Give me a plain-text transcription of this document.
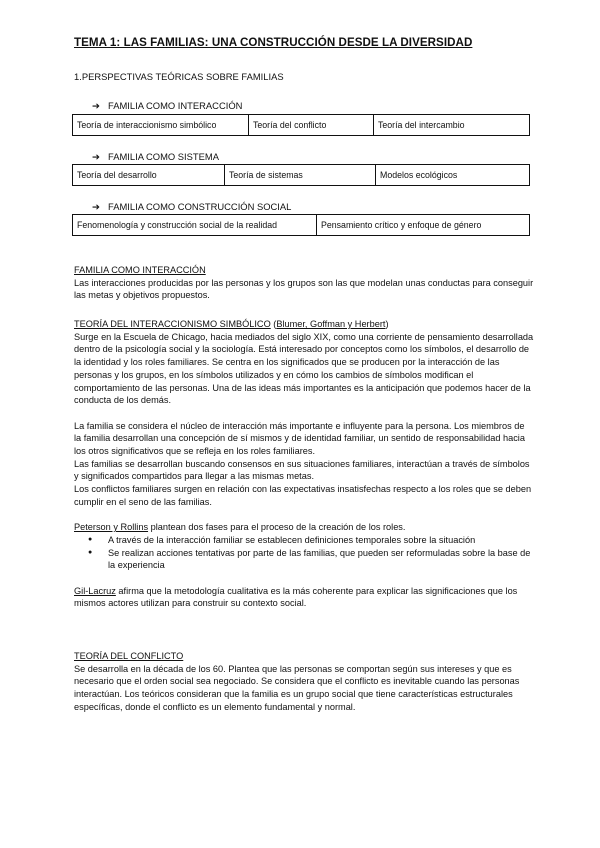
TEMA 1: LAS FAMILIAS: UNA CONSTRUCCIÓN DESDE LA DIVERSIDAD
1.PERSPECTIVAS TEÓRICAS SOBRE FAMILIAS
➔ FAMILIA COMO INTERACCIÓN
Teoría de interaccionismo simbólico	Teoría del conflicto	Teoría del intercambio
➔ FAMILIA COMO SISTEMA
Teoría del desarrollo	Teoría de sistemas	Modelos ecológicos
➔ FAMILIA COMO CONSTRUCCIÓN SOCIAL
Fenomenología y construcción social de la realidad	Pensamiento crítico y enfoque de género

FAMILIA COMO INTERACCIÓN

Las interacciones producidas por las personas y los grupos son las que modelan unas conductas para conseguir las metas y objetivos propuestos.

TEORÍA DEL INTERACCIONISMO SIMBÓLICO (Blumer, Goffman y Herbert)

Surge en la Escuela de Chicago, hacia mediados del siglo XIX, como una corriente de pensamiento desarrollada dentro de la psicología social y la sociología. Está interesado por conceptos como los símbolos, el desarrollo de la identidad y los roles familiares. Se centra en los significados que se producen por la interacción de las personas y los grupos, en los símbolos utilizados y en cómo los cambios de símbolos modifican el comportamiento de las personas. Una de las ideas más importantes es la anticipación que podemos hacer de la conducta de los demás.

La familia se considera el núcleo de interacción más importante e influyente para la persona. Los miembros de la familia desarrollan una concepción de sí mismos y de identidad familiar, un sentido de responsabilidad hacia los otros significativos que se refleja en los roles familiares.

Las familias se desarrollan buscando consensos en sus situaciones familiares, interactúan a través de símbolos y significados compartidos para llegar a las mismas metas.

Los conflictos familiares surgen en relación con las expectativas insatisfechas respecto a los roles que se deben cumplir en el seno de las familias.

Peterson y Rollins plantean dos fases para el proceso de la creación de los roles.

● A través de la interacción familiar se establecen definiciones temporales sobre la situación
● Se realizan acciones tentativas por parte de las familias, que pueden ser reformuladas sobre la base de la experiencia

Gil-Lacruz afirma que la metodología cualitativa es la más coherente para explicar las significaciones que los mismos actores utilizan para construir su contexto social.

TEORÍA DEL CONFLICTO

Se desarrolla en la década de los 60. Plantea que las personas se comportan según sus intereses y que es necesario que el orden social sea negociado. Se considera que el conflicto es inevitable cuando las personas interactúan. Los teóricos consideran que la familia es un grupo social que tiene características estructurales específicas, donde el conflicto es un elemento fundamental y normal.
